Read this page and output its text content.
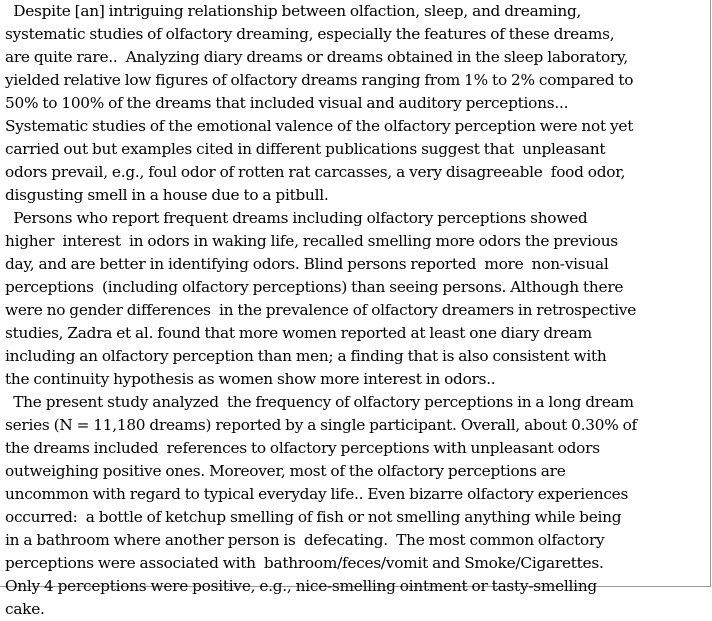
Despite [an] intriguing relationship between olfaction, sleep, and dreaming,
systematic studies of olfactory dreaming, especially the features of these dreams,
are quite rare..  Analyzing diary dreams or dreams obtained in the sleep laboratory,
yielded relative low figures of olfactory dreams ranging from 1% to 2% compared to
50% to 100% of the dreams that included visual and auditory perceptions...
Systematic studies of the emotional valence of the olfactory perception were not yet
carried out but examples cited in different publications suggest that  unpleasant
odors prevail, e.g., foul odor of rotten rat carcasses, a very disagreeable  food odor,
disgusting smell in a house due to a pitbull.
Persons who report frequent dreams including olfactory perceptions showed
higher  interest  in odors in waking life, recalled smelling more odors the previous
day, and are better in identifying odors. Blind persons reported  more  non-visual
perceptions  (including olfactory perceptions) than seeing persons. Although there
were no gender differences  in the prevalence of olfactory dreamers in retrospective
studies, Zadra et al. found that more women reported at least one diary dream
including an olfactory perception than men; a finding that is also consistent with
the continuity hypothesis as women show more interest in odors..
The present study analyzed  the frequency of olfactory perceptions in a long dream
series (N = 11,180 dreams) reported by a single participant. Overall, about 0.30% of
the dreams included  references to olfactory perceptions with unpleasant odors
outweighing positive ones. Moreover, most of the olfactory perceptions are
uncommon with regard to typical everyday life.. Even bizarre olfactory experiences
occurred:  a bottle of ketchup smelling of fish or not smelling anything while being
in a bathroom where another person is  defecating.  The most common olfactory
perceptions were associated with  bathroom/feces/vomit and Smoke/Cigarettes.
Only 4 perceptions were positive, e.g., nice-smelling ointment or tasty-smelling
cake.
